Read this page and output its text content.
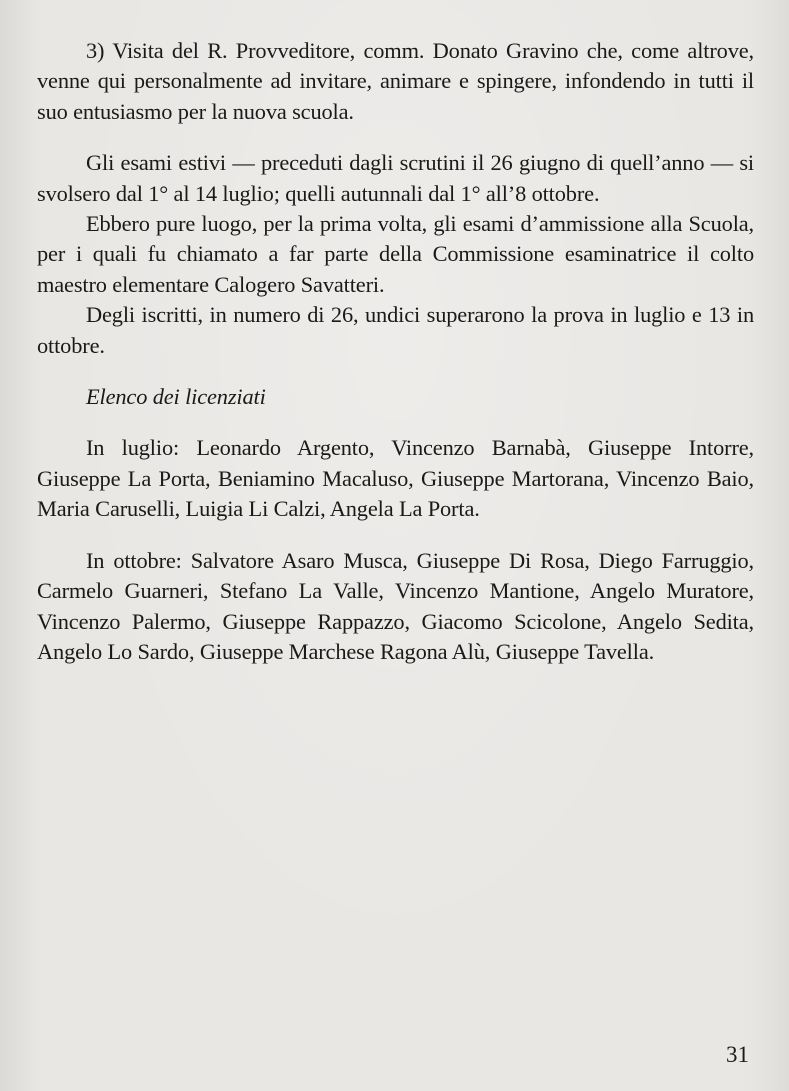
3) Visita del R. Provveditore, comm. Donato Gravino che, come altrove, venne qui personalmente ad invitare, animare e spingere, infondendo in tutti il suo entusiasmo per la nuova scuola.

Gli esami estivi — preceduti dagli scrutini il 26 giugno di quell’anno — si svolsero dal 1° al 14 luglio; quelli autunnali dal 1° all’8 ottobre.

Ebbero pure luogo, per la prima volta, gli esami d’ammissione alla Scuola, per i quali fu chiamato a far parte della Commissione esaminatrice il colto maestro elementare Calogero Savatteri.

Degli iscritti, in numero di 26, undici superarono la prova in luglio e 13 in ottobre.

Elenco dei licenziati

In luglio: Leonardo Argento, Vincenzo Barnabà, Giuseppe Intorre, Giuseppe La Porta, Beniamino Macaluso, Giuseppe Martorana, Vincenzo Baio, Maria Caruselli, Luigia Li Calzi, Angela La Porta.

In ottobre: Salvatore Asaro Musca, Giuseppe Di Rosa, Diego Farruggio, Carmelo Guarneri, Stefano La Valle, Vincenzo Mantione, Angelo Muratore, Vincenzo Palermo, Giuseppe Rappazzo, Giacomo Scicolone, Angelo Sedita, Angelo Lo Sardo, Giuseppe Marchese Ragona Alù, Giuseppe Tavella.

31
